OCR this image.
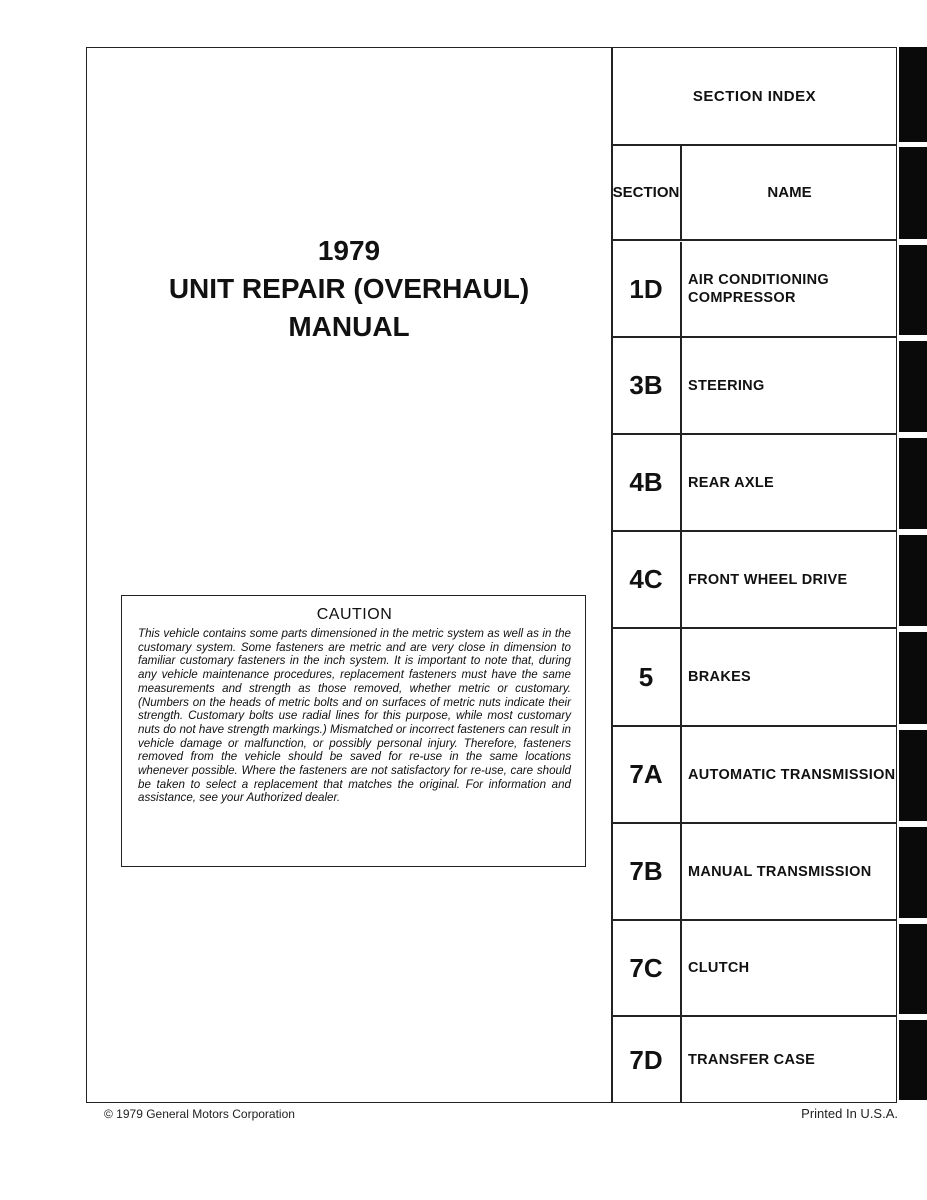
1979
UNIT REPAIR (OVERHAUL)
MANUAL
CAUTION
This vehicle contains some parts dimensioned in the metric system as well as in the customary system. Some fasteners are metric and are very close in dimension to familiar customary fasteners in the inch system. It is important to note that, during any vehicle maintenance procedures, replacement fasteners must have the same measurements and strength as those removed, whether metric or customary. (Numbers on the heads of metric bolts and on surfaces of metric nuts indicate their strength. Customary bolts use radial lines for this purpose, while most customary nuts do not have strength markings.) Mismatched or incorrect fasteners can result in vehicle damage or malfunction, or possibly personal injury. Therefore, fasteners removed from the vehicle should be saved for re-use in the same locations whenever possible. Where the fasteners are not satisfactory for re-use, care should be taken to select a replacement that matches the original. For information and assistance, see your Authorized dealer.
SECTION INDEX
SECTION	NAME
1D	AIR CONDITIONING
COMPRESSOR
3B	STEERING
4B	REAR AXLE
4C	FRONT WHEEL DRIVE
5	BRAKES
7A	AUTOMATIC TRANSMISSION
7B	MANUAL TRANSMISSION
7C	CLUTCH
7D	TRANSFER CASE
© 1979 General Motors Corporation	Printed In U.S.A.
